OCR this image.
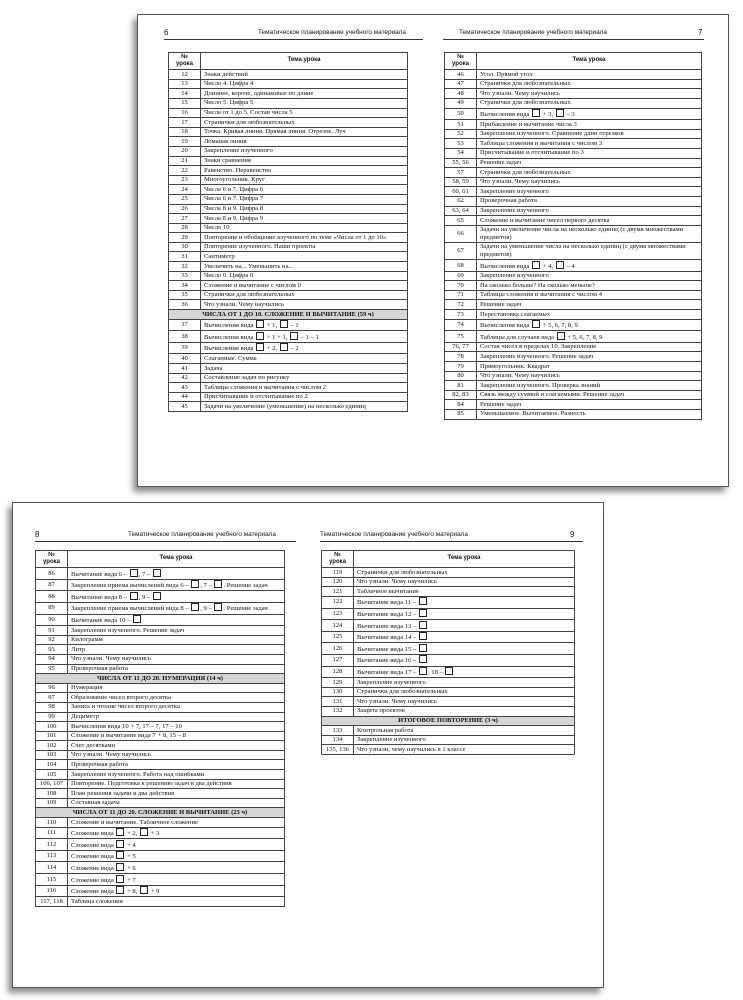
6	Тематическое планирование учебного материала	Тематическое планирование учебного материала	7
№ урока	Тема урока
12	Знаки действий
13	Число 4. Цифра 4
14	Длиннее, короче, одинаковые по длине
15	Число 5. Цифра 5
16	Числа от 1 до 5. Состав числа 5
17	Странички для любознательных
18	Точка. Кривая линия. Прямая линия. Отрезок. Луч
19	Ломаная линия
20	Закрепление изученного
21	Знаки сравнения
22	Равенство. Неравенство
23	Многоугольник. Круг
24	Числа 6 и 7. Цифра 6
25	Числа 6 и 7. Цифра 7
26	Числа 8 и 9. Цифра 8
27	Числа 8 и 9. Цифра 9
28	Число 10
29	Повторение и обобщение изученного по теме «Числа от 1 до 10»
30	Повторение изученного. Наши проекты
31	Сантиметр
32	Увеличить на... Уменьшить на...
33	Число 0. Цифра 0
34	Сложение и вычитание с числом 0
35	Странички для любознательных
36	Что узнали. Чему научились
ЧИСЛА ОТ 1 ДО 10. СЛОЖЕНИЕ И ВЫЧИТАНИЕ (59 ч)	
37	Вычисления вида  + 1,  – 1
38	Вычисления вида  + 1 + 1,  – 1 – 1
39	Вычисления вида  + 2,  – 2
40	Слагаемые. Сумма
41	Задача
42	Составление задач по рисунку
43	Таблицы сложения и вычитания с числом 2
44	Присчитывание и отсчитывание по 2
45	Задачи на увеличение (уменьшение) на несколько единиц
№ урока	Тема урока
46	Угол. Прямой угол
47	Странички для любознательных
48	Что узнали. Чему научились
49	Странички для любознательных
50	Вычисления вида  + 3,  – 3
51	Прибавление и вычитание числа 3
52	Закрепление изученного. Сравнение длин отрезков
53	Таблицы сложения и вычитания с числом 3
54	Присчитывание и отсчитывание по 3
55, 56	Решение задач
57	Странички для любознательных
58, 59	Что узнали. Чему научились
60, 61	Закрепление изученного
62	Проверочная работа
63, 64	Закрепление изученного
65	Сложение и вычитание чисел первого десятка
66	Задачи на увеличение числа на несколько единиц (с двумя множествами предметов)
67	Задачи на уменьшение числа на несколько единиц (с двумя множествами предметов)
68	Вычисления вида  + 4,  – 4
69	Закрепление изученного
70	На сколько больше? На сколько меньше?
71	Таблицы сложения и вычитания с числом 4
72	Решение задач
73	Перестановка слагаемых
74	Вычисления вида  + 5, 6, 7, 8, 9
75	Таблицы для случаев вида  + 5, 6, 7, 8, 9
76, 77	Состав чисел в пределах 10. Закрепление
78	Закрепление изученного. Решение задач
79	Прямоугольник. Квадрат
80	Что узнали. Чему научились
81	Закрепление изученного. Проверка знаний
82, 83	Связь между суммой и слагаемыми. Решение задач
84	Решение задач
85	Уменьшаемое. Вычитаемое. Разность
8	Тематическое планирование учебного материала	Тематическое планирование учебного материала	9
№ урока	Тема урока
86	Вычитание вида 6 – , 7 –
87	Закрепление приема вычислений вида 6 – , 7 – . Решение задач
88	Вычитание вида 8 – , 9 –
89	Закрепление приема вычислений вида 8 – , 9 – . Решение задач
90	Вычитание вида 10 –
91	Закрепление изученного. Решение задач
92	Килограмм
93	Литр
94	Что узнали. Чему научились
95	Проверочная работа
ЧИСЛА ОТ 11 ДО 20. НУМЕРАЦИЯ (14 ч)	
96	Нумерация
97	Образование чисел второго десятка
98	Запись и чтение чисел второго десятка
99	Дециметр
100	Вычисления вида 10 + 7, 17 – 7, 17 – 10
101	Сложение и вычитание вида 7 + 8, 15 – 8
102	Счет десятками
103	Что узнали. Чему научились
104	Проверочная работа
105	Закрепление изученного. Работа над ошибками
106, 107	Повторение. Подготовка к решению задач в два действия
108	План решения задачи в два действия
109	Составная задача
ЧИСЛА ОТ 11 ДО 20. СЛОЖЕНИЕ И ВЫЧИТАНИЕ (23 ч)	
110	Сложение и вычитание. Табличное сложение
111	Сложение вида  + 2,  + 3
112	Сложение вида  + 4
113	Сложение вида  + 5
114	Сложение вида  + 6
115	Сложение вида  + 7
116	Сложение вида  + 8,  + 9
117, 118	Таблица сложения
№ урока	Тема урока
119	Странички для любознательных
120	Что узнали. Чему научились
121	Табличное вычитание
122	Вычитание вида 11 –
123	Вычитание вида 12 –
124	Вычитание вида 13 –
125	Вычитание вида 14 –
126	Вычитание вида 15 –
127	Вычитание вида 16 –
128	Вычитание вида 17 – , 18 –
129	Закрепление изученного
130	Странички для любознательных
131	Что узнали. Чему научились
132	Защита проектов
ИТОГОВОЕ ПОВТОРЕНИЕ (3 ч)	
133	Контрольная работа
134	Закрепление изученного
135, 136	Что узнали, чему научились в 1 классе
